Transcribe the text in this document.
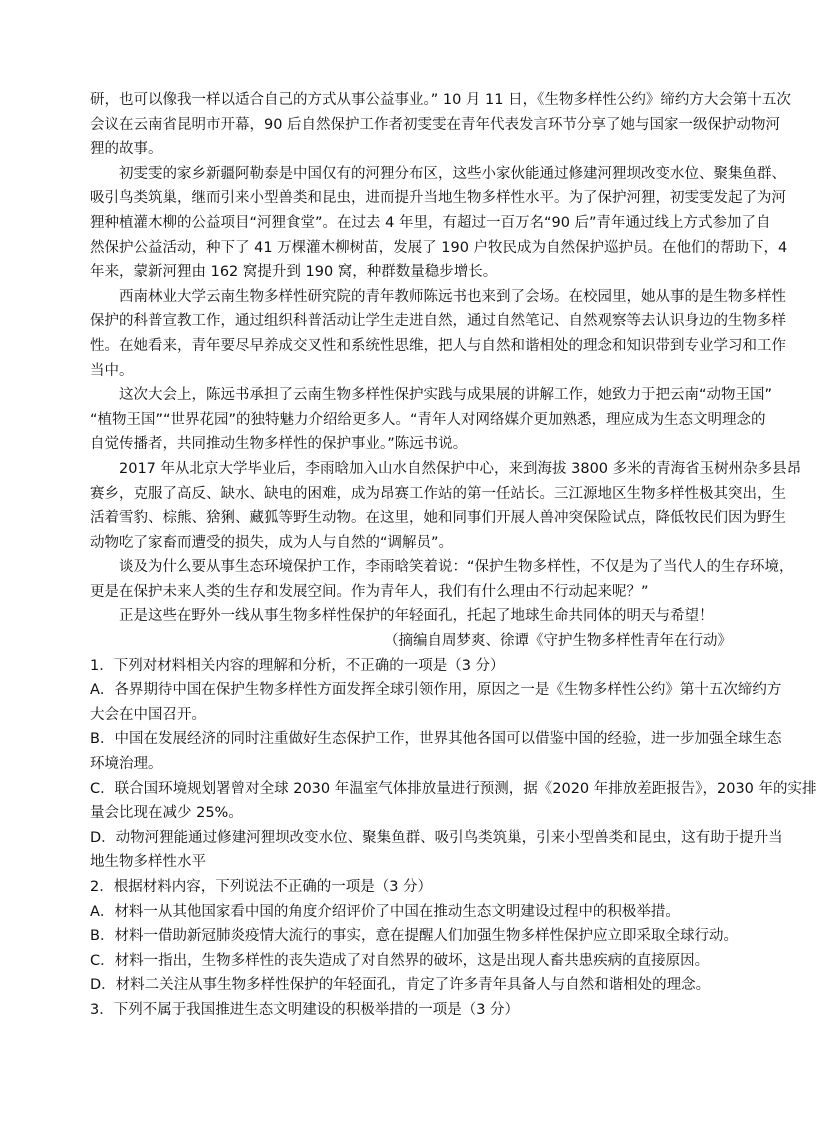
研，也可以像我一样以适合自己的方式从事公益事业。” 10 月 11 日，《生物多样性公约》缔约方大会第十五次
会议在云南省昆明市开幕，90 后自然保护工作者初雯雯在青年代表发言环节分享了她与国家一级保护动物河
狸的故事。
初雯雯的家乡新疆阿勒泰是中国仅有的河狸分布区，这些小家伙能通过修建河狸坝改变水位、聚集鱼群、
吸引鸟类筑巢，继而引来小型兽类和昆虫，进而提升当地生物多样性水平。为了保护河狸，初雯雯发起了为河
狸种植灌木柳的公益项目“河狸食堂”。在过去 4 年里，有超过一百万名“90 后”青年通过线上方式参加了自
然保护公益活动，种下了 41 万棵灌木柳树苗，发展了 190 户牧民成为自然保护巡护员。在他们的帮助下，4
年来，蒙新河狸由 162 窝提升到 190 窝，种群数量稳步增长。
西南林业大学云南生物多样性研究院的青年教师陈远书也来到了会场。在校园里，她从事的是生物多样性
保护的科普宣教工作，通过组织科普活动让学生走进自然，通过自然笔记、自然观察等去认识身边的生物多样
性。在她看来，青年要尽早养成交叉性和系统性思维，把人与自然和谐相处的理念和知识带到专业学习和工作
当中。
这次大会上，陈远书承担了云南生物多样性保护实践与成果展的讲解工作，她致力于把云南“动物王国”
“植物王国”“世界花园”的独特魅力介绍给更多人。“青年人对网络媒介更加熟悉，理应成为生态文明理念的
自觉传播者，共同推动生物多样性的保护事业。”陈远书说。
2017 年从北京大学毕业后，李雨晗加入山水自然保护中心，来到海拔 3800 多米的青海省玉树州杂多县昂
赛乡，克服了高反、缺水、缺电的困难，成为昂赛工作站的第一任站长。三江源地区生物多样性极其突出，生
活着雪豹、棕熊、猞猁、藏狐等野生动物。在这里，她和同事们开展人兽冲突保险试点，降低牧民们因为野生
动物吃了家畜而遭受的损失，成为人与自然的“调解员”。
谈及为什么要从事生态环境保护工作，李雨晗笑着说：“保护生物多样性，不仅是为了当代人的生存环境，
更是在保护未来人类的生存和发展空间。作为青年人，我们有什么理由不行动起来呢？”
正是这些在野外一线从事生物多样性保护的年轻面孔，托起了地球生命共同体的明天与希望！
（摘编自周梦爽、徐谭《守护生物多样性青年在行动》
1．下列对材料相关内容的理解和分析，不正确的一项是（3 分）
A．各界期待中国在保护生物多样性方面发挥全球引领作用，原因之一是《生物多样性公约》第十五次缔约方
大会在中国召开。
B．中国在发展经济的同时注重做好生态保护工作，世界其他各国可以借鉴中国的经验，进一步加强全球生态
环境治理。
C．联合国环境规划署曾对全球 2030 年温室气体排放量进行预测，据《2020 年排放差距报告》，2030 年的实排
量会比现在减少 25%。
D．动物河狸能通过修建河狸坝改变水位、聚集鱼群、吸引鸟类筑巢，引来小型兽类和昆虫，这有助于提升当
地生物多样性水平
2．根据材料内容，下列说法不正确的一项是（3 分）
A．材料一从其他国家看中国的角度介绍评价了中国在推动生态文明建设过程中的积极举措。
B．材料一借助新冠肺炎疫情大流行的事实，意在提醒人们加强生物多样性保护应立即采取全球行动。
C．材料一指出，生物多样性的丧失造成了对自然界的破坏，这是出现人畜共患疾病的直接原因。
D．材料二关注从事生物多样性保护的年轻面孔，肯定了许多青年具备人与自然和谐相处的理念。
3．下列不属于我国推进生态文明建设的积极举措的一项是（3 分）
